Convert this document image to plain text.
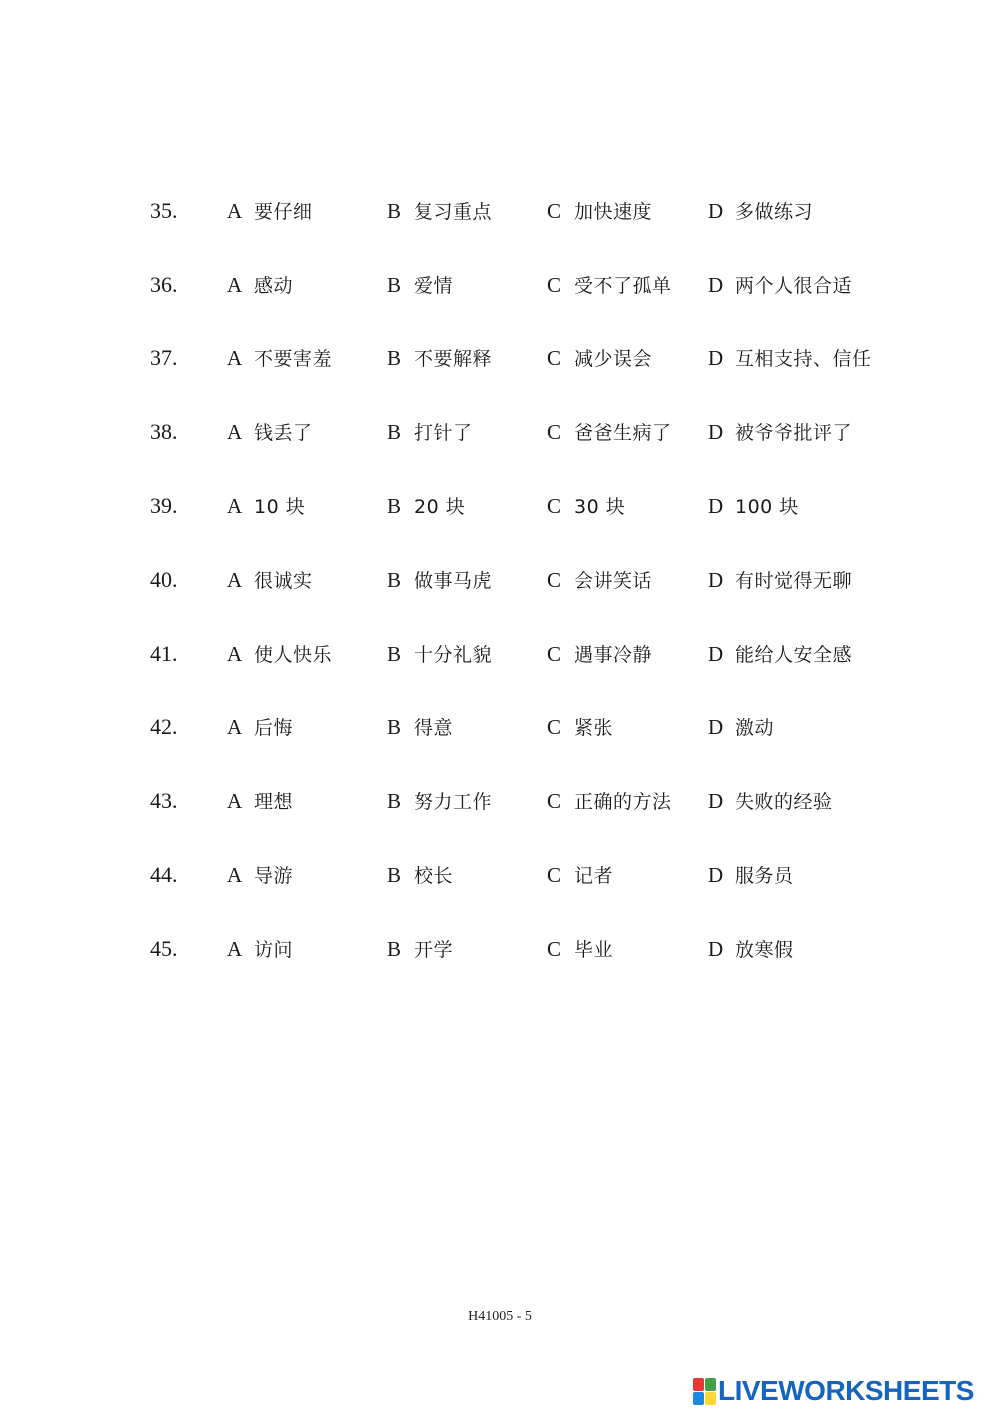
35. A 要仔细	B 复习重点	C 加快速度	D 多做练习
36. A 感动	B 爱情	C 受不了孤单 D 两个人很合适
37. A 不要害羞	B 不要解释	C 减少误会	D 互相支持、信任
38. A 钱丢了	B 打针了	C 爸爸生病了 D 被爷爷批评了
39. A 10 块	B 20 块	C 30 块	D 100 块
40. A 很诚实	B 做事马虎	C 会讲笑话	D 有时觉得无聊
41. A 使人快乐	B 十分礼貌	C 遇事冷静	D 能给人安全感
42. A 后悔	B 得意	C 紧张	D 激动
43. A 理想	B 努力工作	C 正确的方法 D 失败的经验
44. A 导游	B 校长	C 记者	D 服务员
45. A 访问	B 开学	C 毕业	D 放寒假
H41005 - 5
LIVEWORKSHEETS
